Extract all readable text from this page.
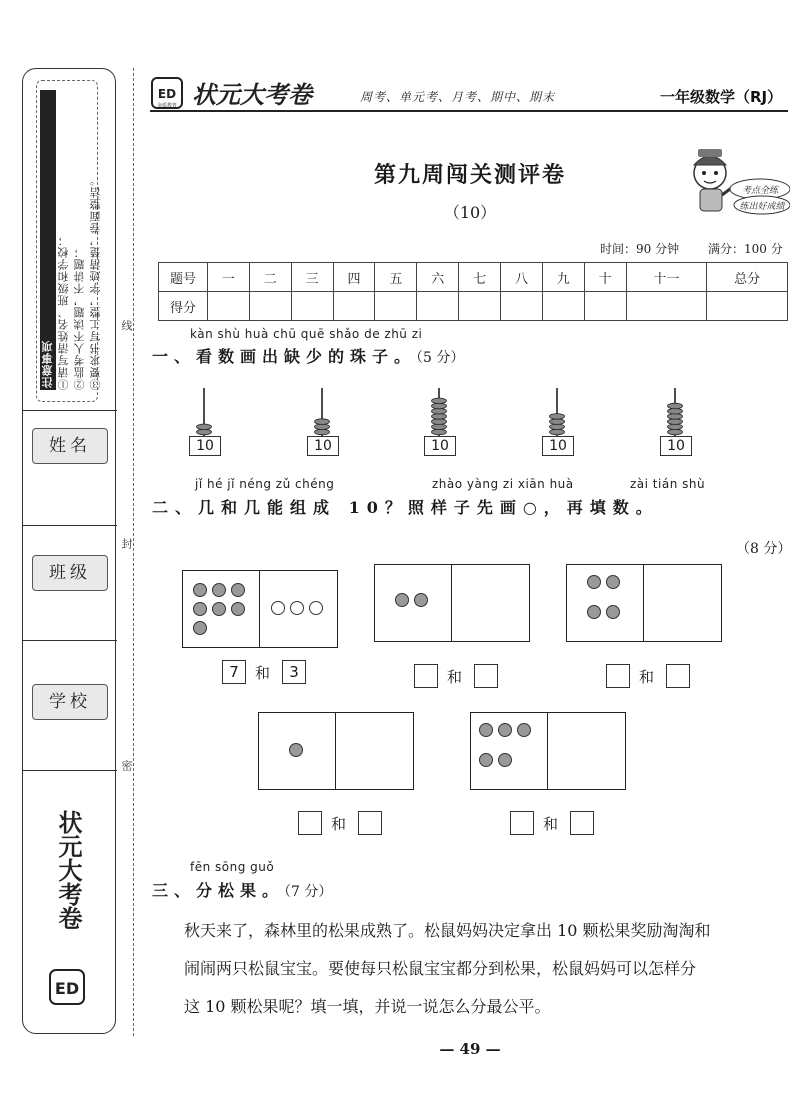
注意事项 ①请写清姓名、班级和学校； ②监考人不读题，不讲题； ③要求书写工整，字迹清楚，卷面整洁。
姓名
班级
学校
ED
状元大考卷
线
封
密
ED
金质教育 状元大考卷	周考、单元考、月考、期中、期末	一年级数学（RJ）
第九周闯关测评卷
（10）
考点全练
练出好成绩
时间：90 分钟 满分：100 分
题号	一	二	三	四	五	六	七	八	九	十	十一	总分
得分												
kàn shù huà chū quē shǎo de zhū zi
一、看数画出缺少的珠子。（5 分）
10	10	10	10	10
jǐ hé jǐ néng zǔ chéng	zhào yàng zi xiān huà	zài tián shù
二、几和几能组成 10？照样子先画○，再填数。
（8 分）
7	和	3	和	和
和	和
fēn sōng guǒ
三、分松果。（7 分）
秋天来了，森林里的松果成熟了。松鼠妈妈决定拿出 10 颗松果奖励淘淘和
闹闹两只松鼠宝宝。要使每只松鼠宝宝都分到松果，松鼠妈妈可以怎样分
这 10 颗松果呢？填一填，并说一说怎么分最公平。
— 49 —
